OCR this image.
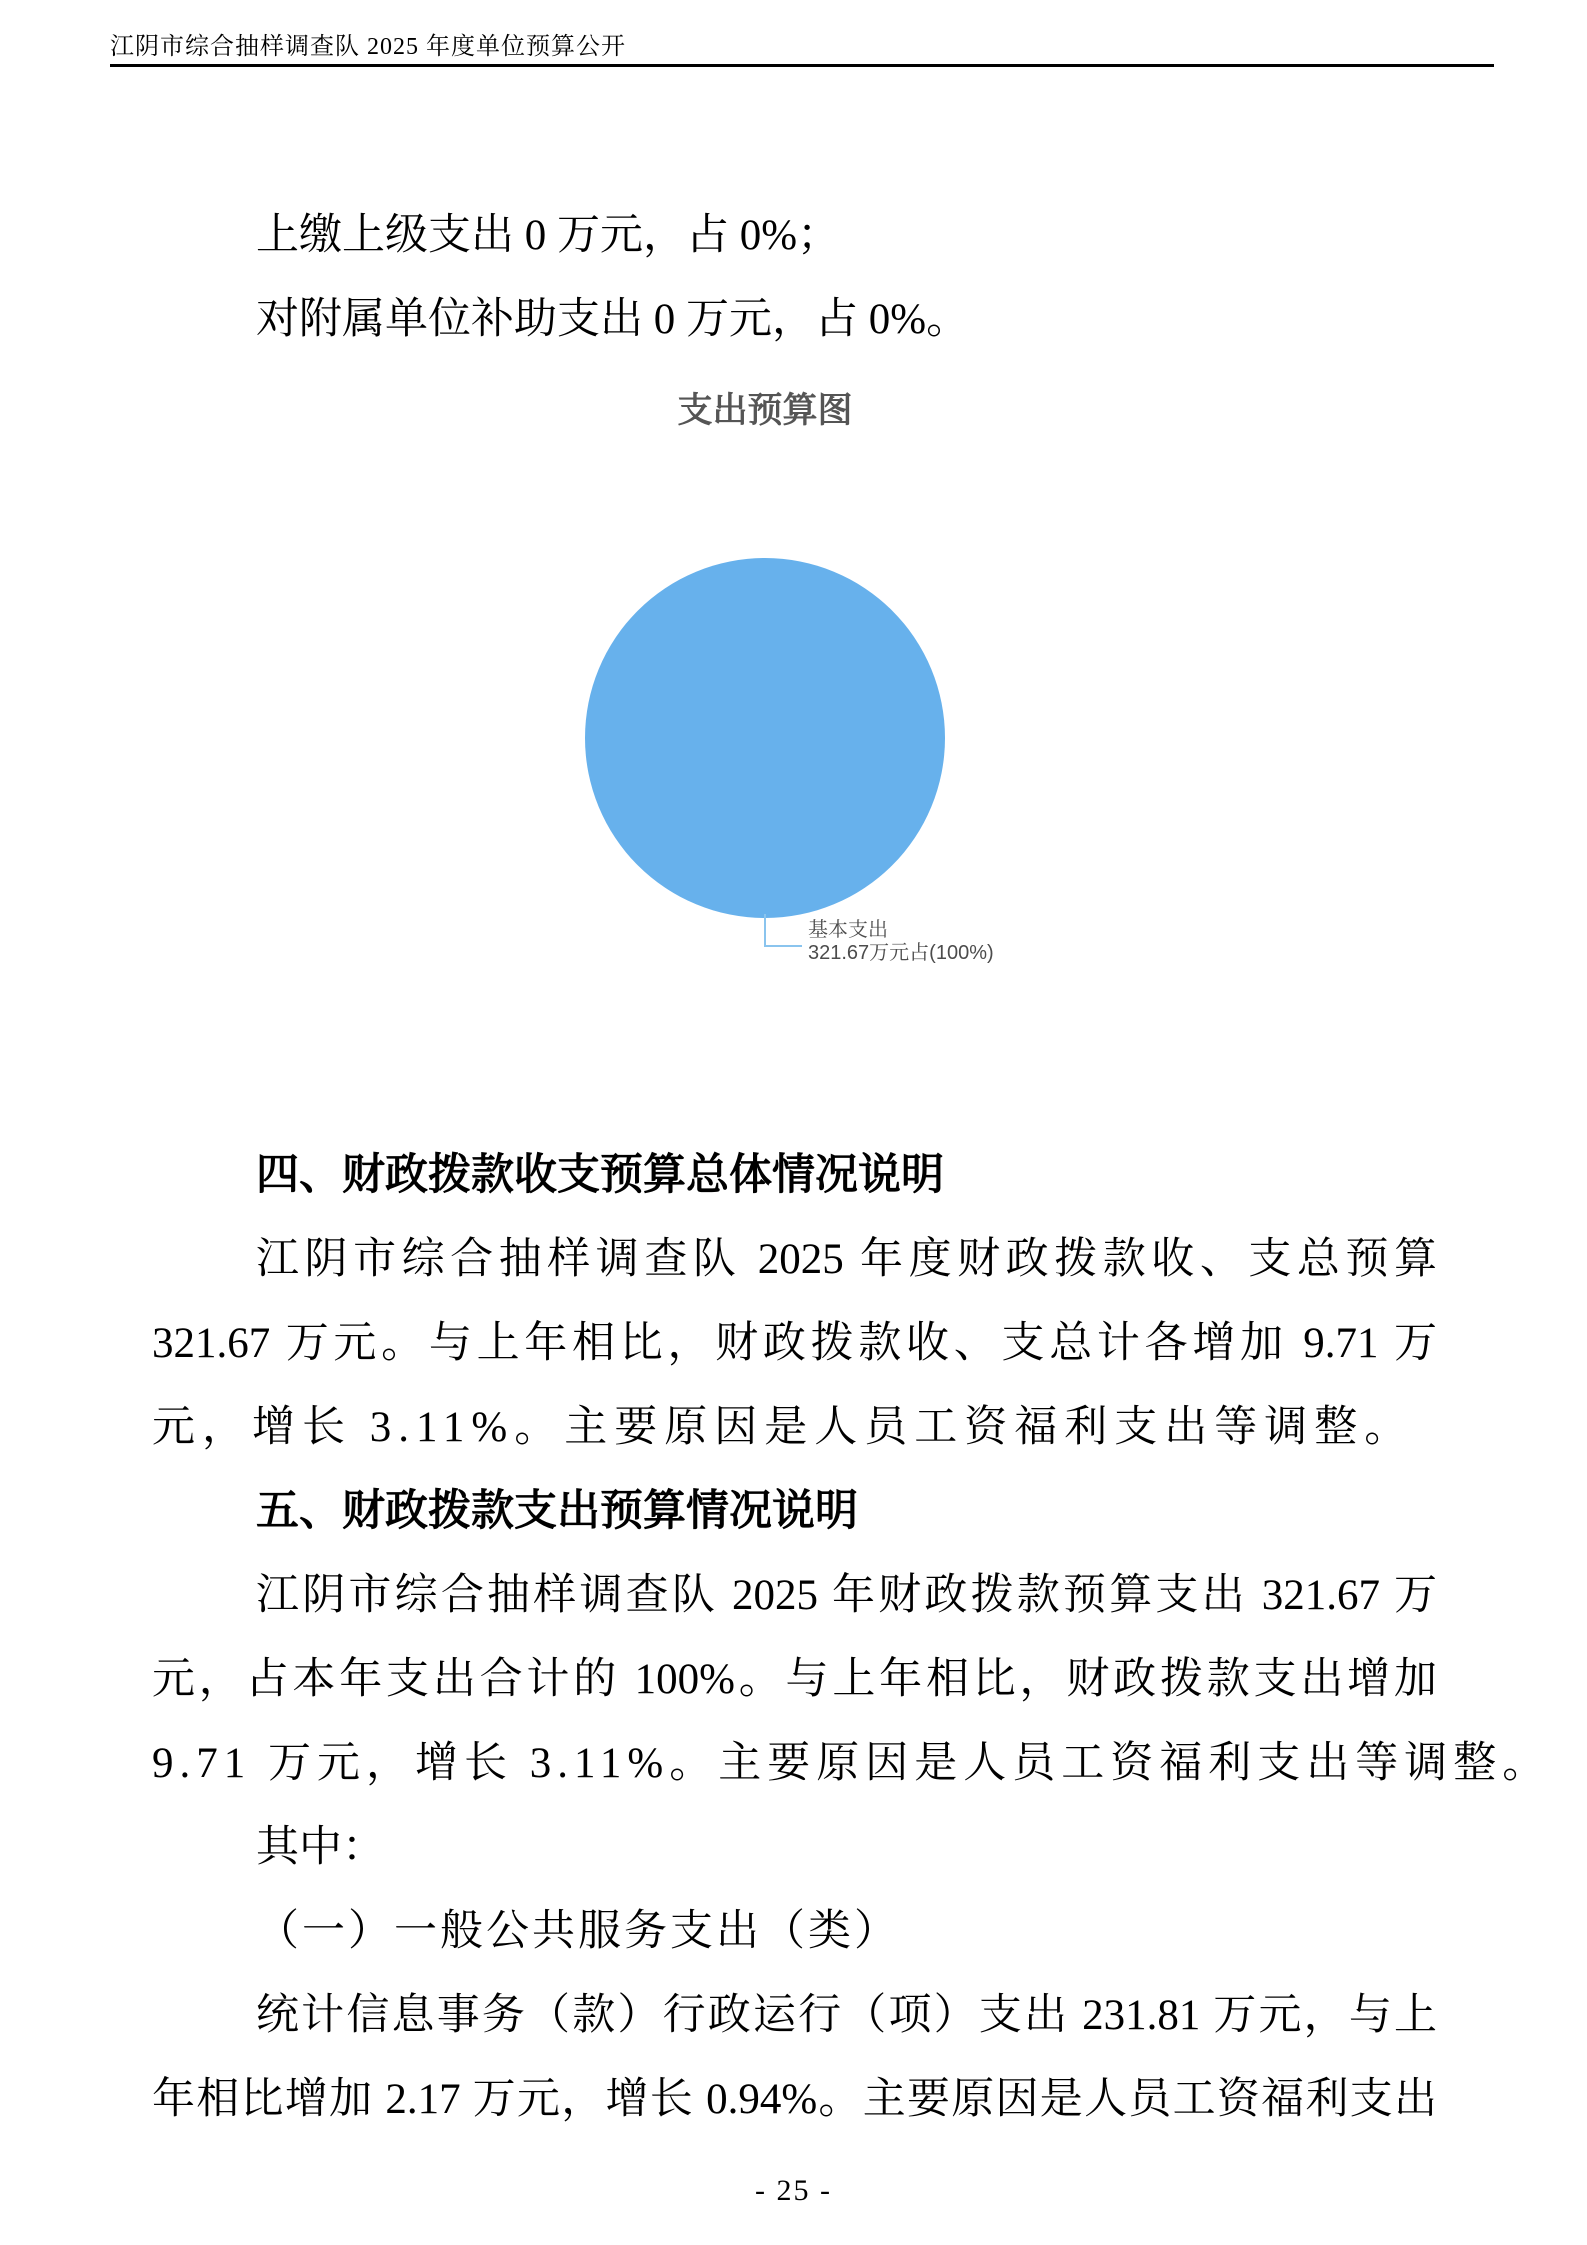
江阴市综合抽样调查队 2025 年度单位预算公开
上缴上级支出 0 万元，占 0%；
对附属单位补助支出 0 万元，占 0%。
支出预算图
基本支出
321.67万元占(100%)
四、财政拨款收支预算总体情况说明
江阴市综合抽样调查队 2025 年度财政拨款收、支总预算
321.67 万元。与上年相比，财政拨款收、支总计各增加 9.71 万
元，增长 3.11%。主要原因是人员工资福利支出等调整。
五、财政拨款支出预算情况说明
江阴市综合抽样调查队 2025 年财政拨款预算支出 321.67 万
元，占本年支出合计的 100%。与上年相比，财政拨款支出增加
9.71 万元，增长 3.11%。主要原因是人员工资福利支出等调整。
其中：
（一）一般公共服务支出（类）
统计信息事务（款）行政运行（项）支出 231.81 万元，与上
年相比增加 2.17 万元，增长 0.94%。主要原因是人员工资福利支出
- 25 -
